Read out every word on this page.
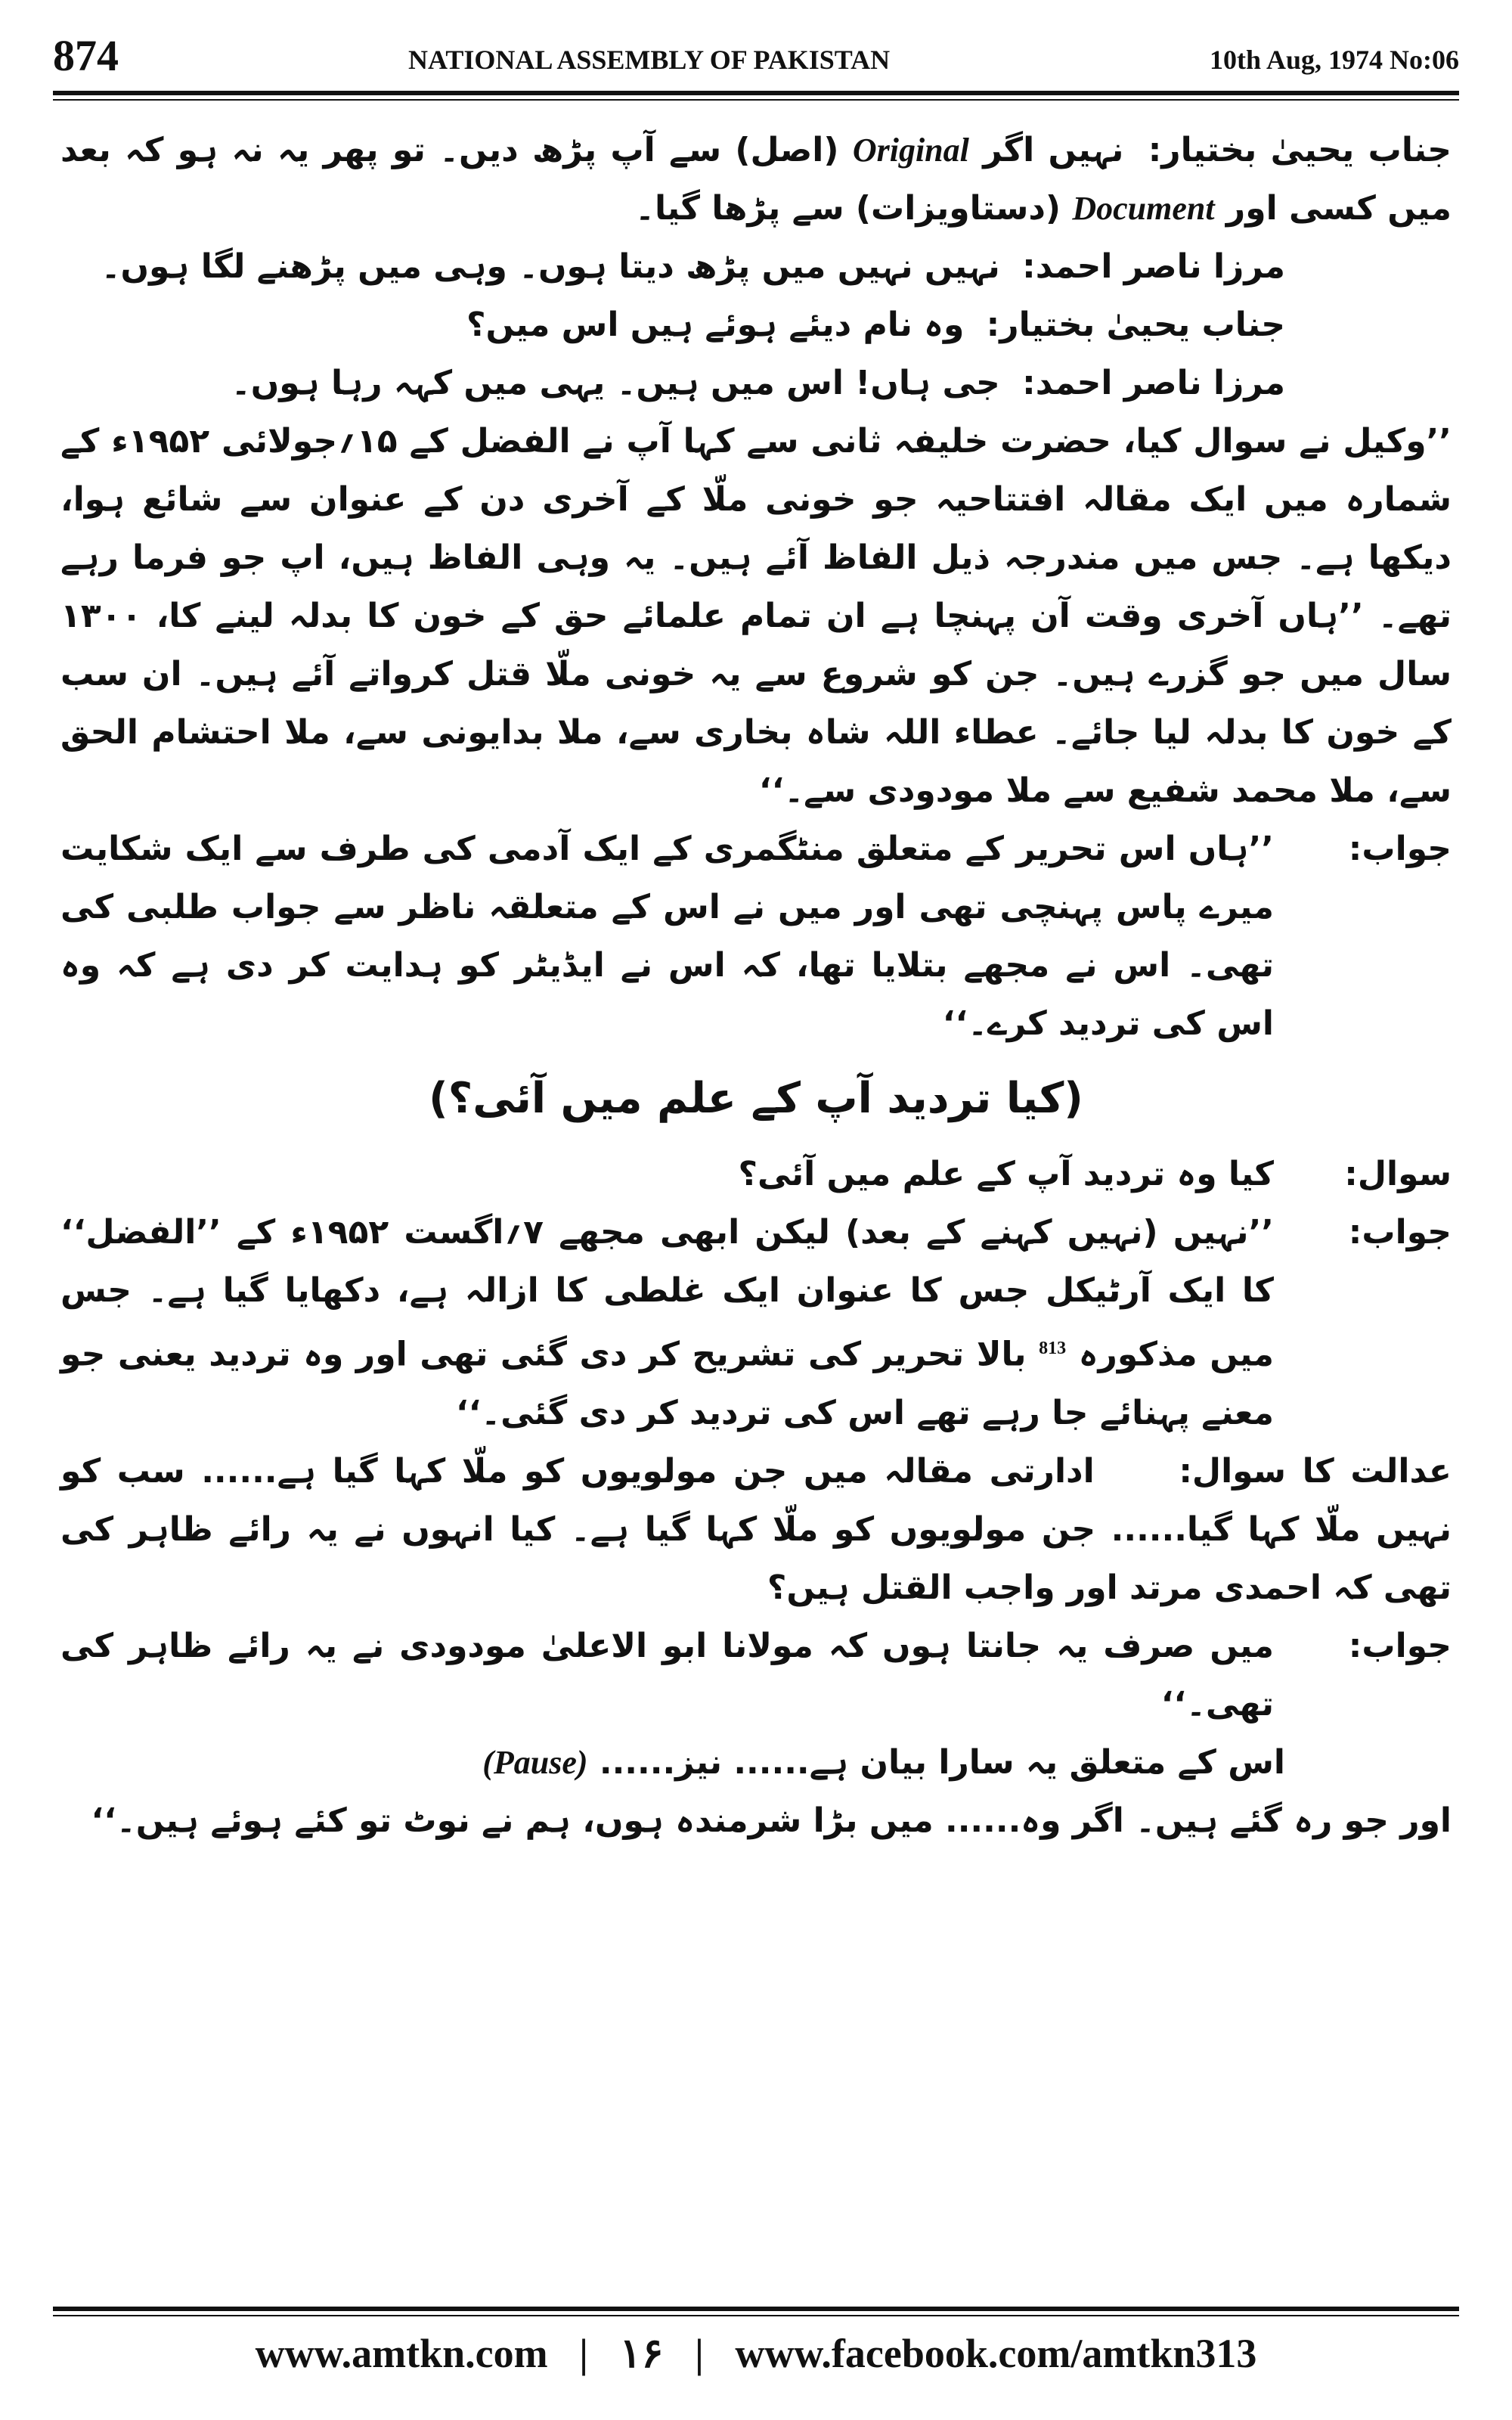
874	NATIONAL ASSEMBLY OF PAKISTAN	10th Aug, 1974 No:06

جناب یحییٰ بختیار: نہیں اگر Original (اصل) سے آپ پڑھ دیں۔ تو پھر یہ نہ ہو کہ بعد میں کسی اور Document (دستاویزات) سے پڑھا گیا۔

مرزا ناصر احمد: نہیں نہیں میں پڑھ دیتا ہوں۔ وہی میں پڑھنے لگا ہوں۔

جناب یحییٰ بختیار: وہ نام دیئے ہوئے ہیں اس میں؟

مرزا ناصر احمد: جی ہاں! اس میں ہیں۔ یہی میں کہہ رہا ہوں۔

’’وکیل نے سوال کیا، حضرت خلیفہ ثانی سے کہا آپ نے الفضل کے ۱۵؍جولائی ۱۹۵۲ء کے شمارہ میں ایک مقالہ افتتاحیہ جو خونی ملّا کے آخری دن کے عنوان سے شائع ہوا، دیکھا ہے۔ جس میں مندرجہ ذیل الفاظ آئے ہیں۔ یہ وہی الفاظ ہیں، اپ جو فرما رہے تھے۔ ’’ہاں آخری وقت آن پہنچا ہے ان تمام علمائے حق کے خون کا بدلہ لینے کا، ۱۳۰۰ سال میں جو گزرے ہیں۔ جن کو شروع سے یہ خونی ملّا قتل کرواتے آئے ہیں۔ ان سب کے خون کا بدلہ لیا جائے۔ عطاء اللہ شاہ بخاری سے، ملا بدایونی سے، ملا احتشام الحق سے، ملا محمد شفیع سے ملا مودودی سے۔‘‘

جواب:
’’ہاں اس تحریر کے متعلق منٹگمری کے ایک آدمی کی طرف سے ایک شکایت میرے پاس پہنچی تھی اور میں نے اس کے متعلقہ ناظر سے جواب طلبی کی تھی۔ اس نے مجھے بتلایا تھا، کہ اس نے ایڈیٹر کو ہدایت کر دی ہے کہ وہ اس کی تردید کرے۔‘‘

(کیا تردید آپ کے علم میں آئی؟)

سوال:
کیا وہ تردید آپ کے علم میں آئی؟
جواب:
’’نہیں (نہیں کہنے کے بعد) لیکن ابھی مجھے ۷؍اگست ۱۹۵۲ء کے ’’الفضل‘‘ کا ایک آرٹیکل جس کا عنوان ایک غلطی کا ازالہ ہے، دکھایا گیا ہے۔ جس میں مذکورہ $^{813}$ بالا تحریر کی تشریح کر دی گئی تھی اور وہ تردید یعنی جو معنے پہنائے جا رہے تھے اس کی تردید کر دی گئی۔‘‘

عدالت کا سوال: ادارتی مقالہ میں جن مولویوں کو ملّا کہا گیا ہے...... سب کو نہیں ملّا کہا گیا...... جن مولویوں کو ملّا کہا گیا ہے۔ کیا انہوں نے یہ رائے ظاہر کی تھی کہ احمدی مرتد اور واجب القتل ہیں؟

جواب:
میں صرف یہ جانتا ہوں کہ مولانا ابو الاعلیٰ مودودی نے یہ رائے ظاہر کی تھی۔‘‘

اس کے متعلق یہ سارا بیان ہے...... نیز...... (Pause)

اور جو رہ گئے ہیں۔ اگر وہ...... میں بڑا شرمندہ ہوں، ہم نے نوٹ تو کئے ہوئے ہیں۔‘‘

www.amtkn.com | ۱۶ | www.facebook.com/amtkn313
